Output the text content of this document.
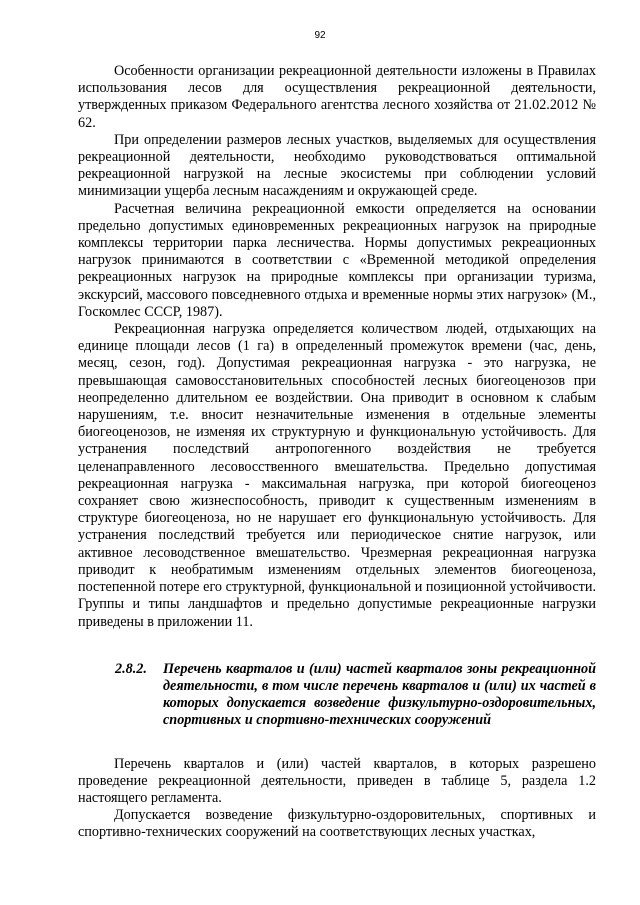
92

Особенности организации рекреационной деятельности изложены в Правилах использования лесов для осуществления рекреационной деятельности, утвержденных приказом Федерального агентства лесного хозяйства от 21.02.2012 № 62.

При определении размеров лесных участков, выделяемых для осуществления рекреационной деятельности, необходимо руководствоваться оптимальной рекреационной нагрузкой на лесные экосистемы при соблюдении условий минимизации ущерба лесным насаждениям и окружающей среде.

Расчетная величина рекреационной емкости определяется на основании предельно допустимых единовременных рекреационных нагрузок на природные комплексы территории парка лесничества. Нормы допустимых рекреационных нагрузок принимаются в соответствии с «Временной методикой определения рекреационных нагрузок на природные комплексы при организации туризма, экскурсий, массового повседневного отдыха и временные нормы этих нагрузок» (М., Госкомлес СССР, 1987).

Рекреационная нагрузка определяется количеством людей, отдыхающих на единице площади лесов (1 га) в определенный промежуток времени (час, день, месяц, сезон, год). Допустимая рекреационная нагрузка - это нагрузка, не превышающая самовосстановительных способностей лесных биогеоценозов при неопределенно длительном ее воздействии. Она приводит в основном к слабым нарушениям, т.е. вносит незначительные изменения в отдельные элементы биогеоценозов, не изменяя их структурную и функциональную устойчивость. Для устранения последствий антропогенного воздействия не требуется целенаправленного лесовосственного вмешательства. Предельно допустимая рекреационная нагрузка - максимальная нагрузка, при которой биогеоценоз сохраняет свою жизнеспособность, приводит к существенным изменениям в структуре биогеоценоза, но не нарушает его функциональную устойчивость. Для устранения последствий требуется или периодическое снятие нагрузок, или активное лесоводственное вмешательство. Чрезмерная рекреационная нагрузка приводит к необратимым изменениям отдельных элементов биогеоценоза, постепенной потере его структурной, функциональной и позиционной устойчивости. Группы и типы ландшафтов и предельно допустимые рекреационные нагрузки приведены в приложении 11.

2.8.2.	Перечень кварталов и (или) частей кварталов зоны рекреационной деятельности, в том числе перечень кварталов и (или) их частей в которых допускается возведение физкультурно-оздоровительных, спортивных и спортивно-технических сооружений

Перечень кварталов и (или) частей кварталов, в которых разрешено проведение рекреационной деятельности, приведен в таблице 5, раздела 1.2 настоящего регламента.

Допускается возведение физкультурно-оздоровительных, спортивных и спортивно-технических сооружений на соответствующих лесных участках,
